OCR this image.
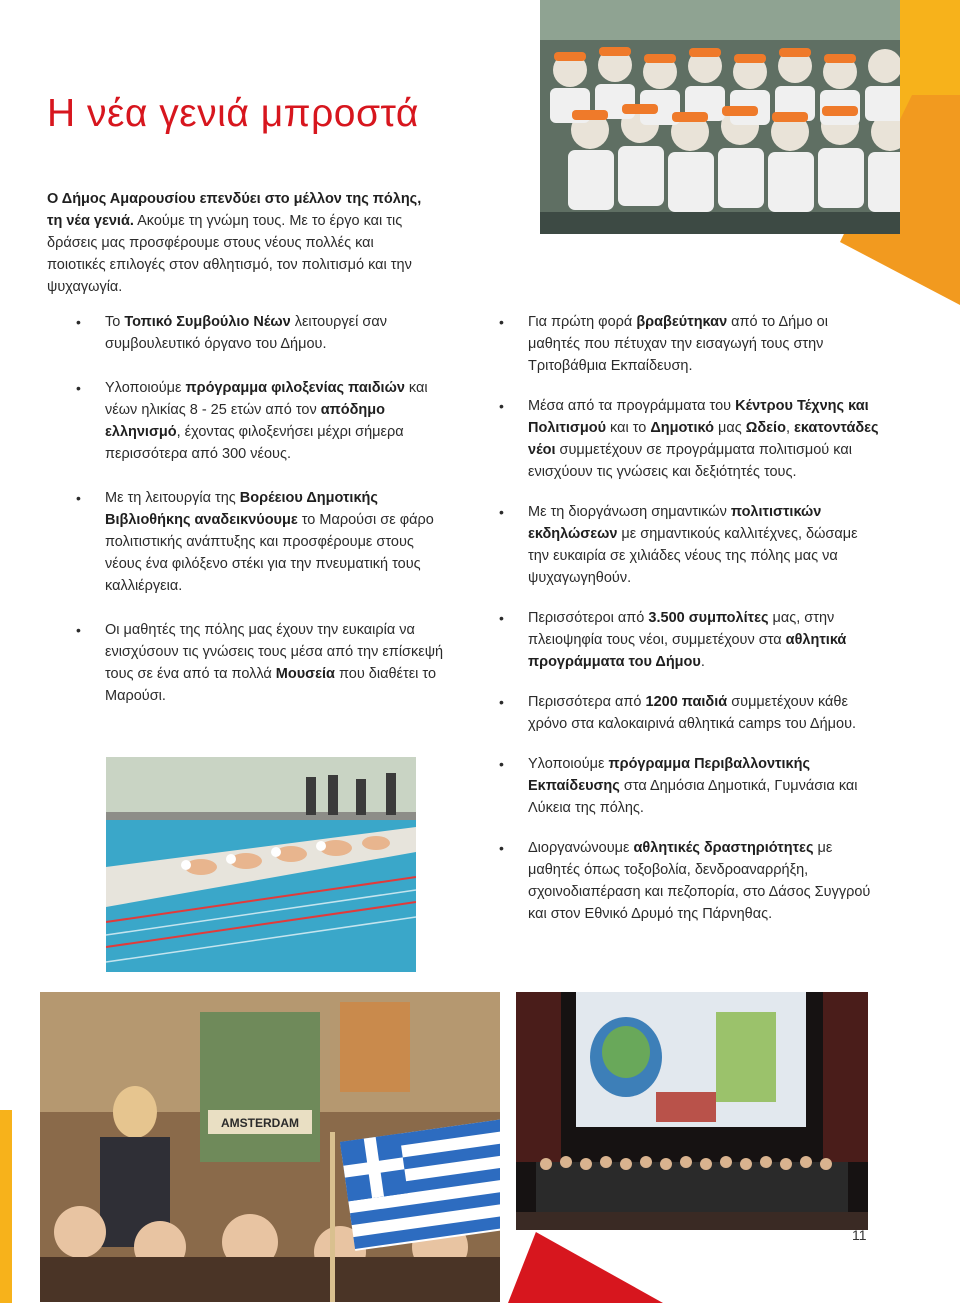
Η νέα γενιά μπροστά

Ο Δήμος Αμαρουσίου επενδύει στο μέλλον της πόλης, τη νέα γενιά. Ακούμε τη γνώμη τους. Με το έργο και τις δράσεις μας προσφέρουμε στους νέους πολλές και ποιοτικές επιλογές στον αθλητισμό, τον πολιτισμό και την ψυχαγωγία.

• Το Τοπικό Συμβούλιο Νέων λειτουργεί σαν συμβουλευτικό όργανο του Δήμου.
• Υλοποιούμε πρόγραμμα φιλοξενίας παιδιών και νέων ηλικίας 8 - 25 ετών από τον απόδημο ελληνισμό, έχοντας φιλοξενήσει μέχρι σήμερα περισσότερα από 300 νέους.
• Με τη λειτουργία της Βορέειου Δημοτικής Βιβλιοθήκης αναδεικνύουμε το Μαρούσι σε φάρο πολιτιστικής ανάπτυξης και προσφέρουμε στους νέους ένα φιλόξενο στέκι για την πνευματική τους καλλιέργεια.
• Οι μαθητές της πόλης μας έχουν την ευκαιρία να ενισχύσουν τις γνώσεις τους μέσα από την επίσκεψή τους σε ένα από τα πολλά Μουσεία που διαθέτει το Μαρούσι.
• Για πρώτη φορά βραβεύτηκαν από το Δήμο οι μαθητές που πέτυχαν την εισαγωγή τους στην Τριτοβάθμια Εκπαίδευση.
• Μέσα από τα προγράμματα του Κέντρου Τέχνης και Πολιτισμού και το Δημοτικό μας Ωδείο, εκατοντάδες νέοι συμμετέχουν σε προγράμματα πολιτισμού και ενισχύουν τις γνώσεις και δεξιότητές τους.
• Με τη διοργάνωση σημαντικών πολιτιστικών εκδηλώσεων με σημαντικούς καλλιτέχνες, δώσαμε την ευκαιρία σε χιλιάδες νέους της πόλης μας να ψυχαγωγηθούν.
• Περισσότεροι από 3.500 συμπολίτες μας, στην πλειοψηφία τους νέοι, συμμετέχουν στα αθλητικά προγράμματα του Δήμου.
• Περισσότερα από 1200 παιδιά συμμετέχουν κάθε χρόνο στα καλοκαιρινά αθλητικά camps του Δήμου.
• Υλοποιούμε πρόγραμμα Περιβαλλοντικής Εκπαίδευσης στα Δημόσια Δημοτικά, Γυμνάσια και Λύκεια της πόλης.
• Διοργανώνουμε αθλητικές δραστηριότητες με μαθητές όπως τοξοβολία, δενδροαναρρήξη, σχοινοδιαπέραση και πεζοπορία, στο Δάσος Συγγρού και στον Εθνικό Δρυμό της Πάρνηθας.
AMSTERDAM
11
